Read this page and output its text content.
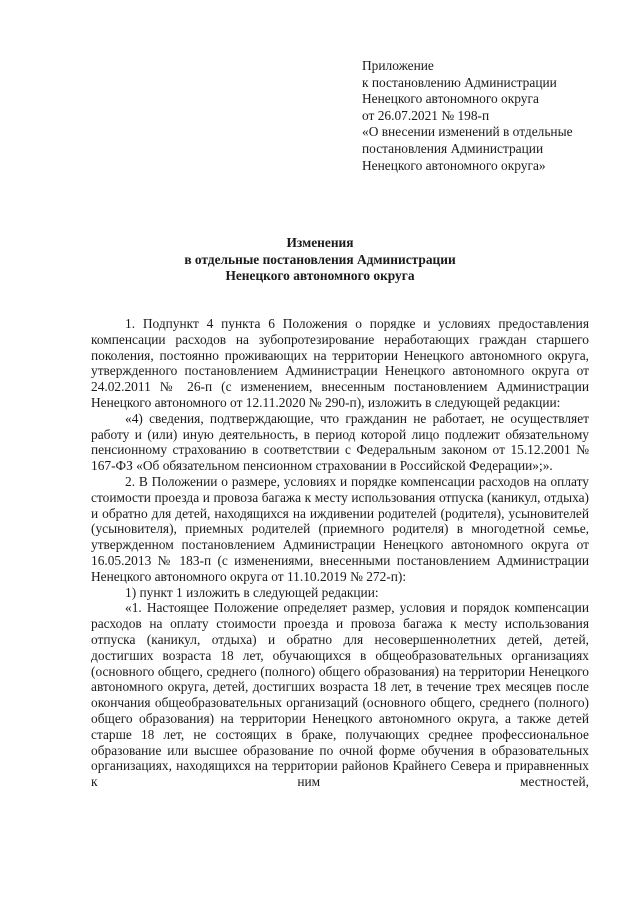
Приложение
к постановлению Администрации
Ненецкого автономного округа
от 26.07.2021 № 198-п
«О внесении изменений в отдельные
постановления Администрации
Ненецкого автономного округа»
Изменения
в отдельные постановления Администрации
Ненецкого автономного округа

1. Подпункт 4 пункта 6 Положения о порядке и условиях предоставления компенсации расходов на зубопротезирование неработающих граждан старшего поколения, постоянно проживающих на территории Ненецкого автономного округа, утвержденного постановлением Администрации Ненецкого автономного округа от 24.02.2011 № 26-п (с изменением, внесенным постановлением Администрации Ненецкого автономного от 12.11.2020 № 290-п), изложить в следующей редакции:

«4) сведения, подтверждающие, что гражданин не работает, не осуществляет работу и (или) иную деятельность, в период которой лицо подлежит обязательному пенсионному страхованию в соответствии с Федеральным законом от 15.12.2001 № 167-ФЗ «Об обязательном пенсионном страховании в Российской Федерации»;».

2. В Положении о размере, условиях и порядке компенсации расходов на оплату стоимости проезда и провоза багажа к месту использования отпуска (каникул, отдыха) и обратно для детей, находящихся на иждивении родителей (родителя), усыновителей (усыновителя), приемных родителей (приемного родителя) в многодетной семье, утвержденном постановлением Администрации Ненецкого автономного округа от 16.05.2013 № 183-п (с изменениями, внесенными постановлением Администрации Ненецкого автономного округа от 11.10.2019 № 272-п):

1) пункт 1 изложить в следующей редакции:

«1. Настоящее Положение определяет размер, условия и порядок компенсации расходов на оплату стоимости проезда и провоза багажа к месту использования отпуска (каникул, отдыха) и обратно для несовершеннолетних детей, детей, достигших возраста 18 лет, обучающихся в общеобразовательных организациях (основного общего, среднего (полного) общего образования) на территории Ненецкого автономного округа, детей, достигших возраста 18 лет, в течение трех месяцев после окончания общеобразовательных организаций (основного общего, среднего (полного) общего образования) на территории Ненецкого автономного округа, а также детей старше 18 лет, не состоящих в браке, получающих среднее профессиональное образование или высшее образование по очной форме обучения в образовательных организациях, находящихся на территории районов Крайнего Севера и приравненных к ним местностей,
